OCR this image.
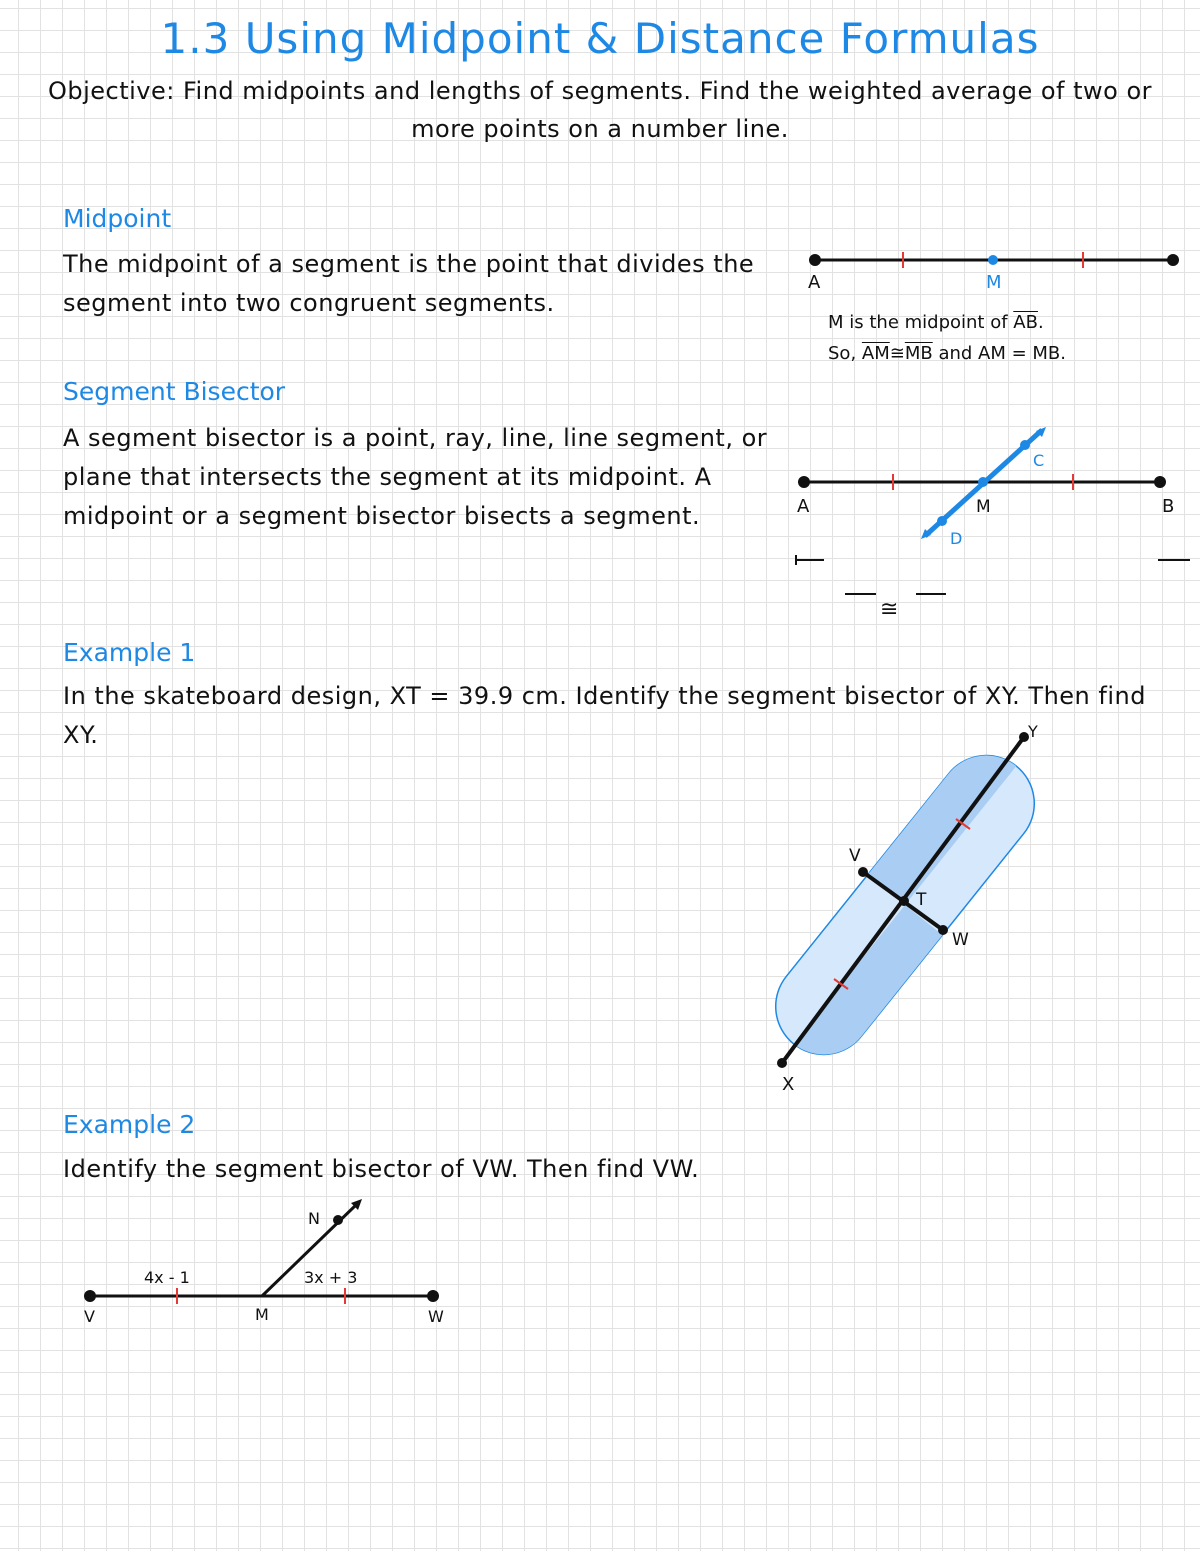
1.3 Using Midpoint & Distance Formulas
Objective: Find midpoints and lengths of segments. Find the weighted average of two or more points on a number line.
Midpoint
The midpoint of a segment is the point that divides the segment into two congruent segments.
A	M
M is the midpoint of $\overline{AB}$.
So, $\overline{AM}≅\overline{MB}$ and AM = MB.
Segment Bisector
A segment bisector is a point, ray, line, line segment, or plane that intersects the segment at its midpoint. A midpoint or a segment bisector bisects a segment.	A	M	B
C
D
≅
Example 1
In the skateboard design, XT = 39.9 cm. Identify the segment bisector of XY. Then find XY.
X
Y
V
T
W
Example 2
Identify the segment bisector of VW. Then find VW.
V	M	W
N
4x - 1	3x + 3
